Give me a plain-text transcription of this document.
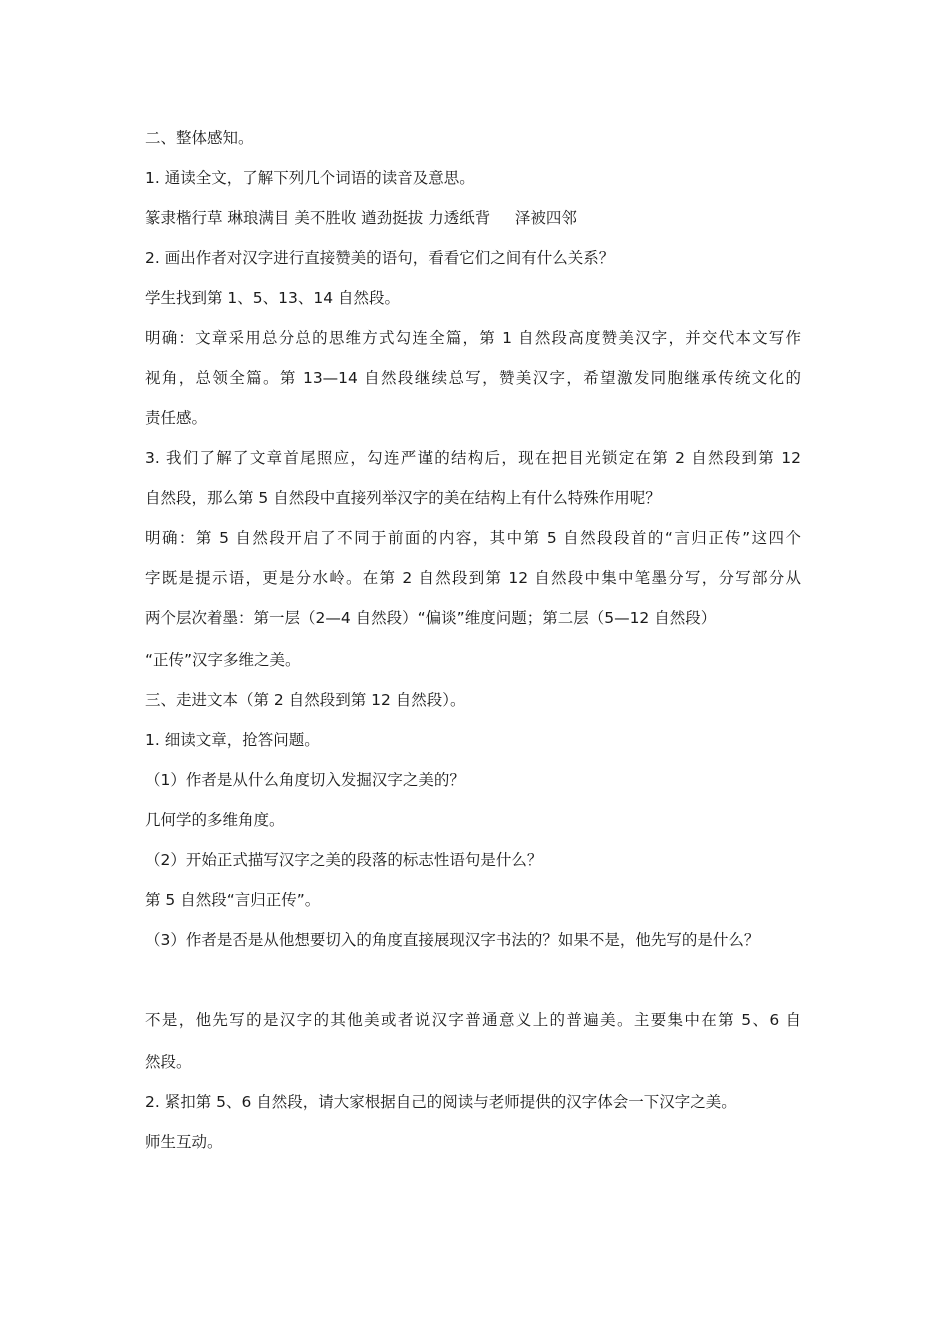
二、整体感知。

1. 通读全文，了解下列几个词语的读音及意思。

篆隶楷行草 琳琅满目 美不胜收 遒劲挺拔 力透纸背     泽被四邻

2. 画出作者对汉字进行直接赞美的语句，看看它们之间有什么关系？

学生找到第 1、5、13、14 自然段。

明确：文章采用总分总的思维方式勾连全篇，第 1 自然段高度赞美汉字，并交代本文写作

视角，总领全篇。第 13—14 自然段继续总写，赞美汉字，希望激发同胞继承传统文化的

责任感。

3. 我们了解了文章首尾照应，勾连严谨的结构后，现在把目光锁定在第 2 自然段到第 12

自然段，那么第 5 自然段中直接列举汉字的美在结构上有什么特殊作用呢？

明确：第 5 自然段开启了不同于前面的内容，其中第 5 自然段段首的“言归正传”这四个

字既是提示语，更是分水岭。在第 2 自然段到第 12 自然段中集中笔墨分写，分写部分从

两个层次着墨：第一层（2—4 自然段）“偏谈”维度问题；第二层（5—12 自然段）

“正传”汉字多维之美。

三、走进文本（第 2 自然段到第 12 自然段）。

1. 细读文章，抢答问题。

（1）作者是从什么角度切入发掘汉字之美的？

几何学的多维角度。

（2）开始正式描写汉字之美的段落的标志性语句是什么？

第 5 自然段“言归正传”。

（3）作者是否是从他想要切入的角度直接展现汉字书法的？如果不是，他先写的是什么？

不是，他先写的是汉字的其他美或者说汉字普通意义上的普遍美。主要集中在第 5、6 自

然段。

2. 紧扣第 5、6 自然段，请大家根据自己的阅读与老师提供的汉字体会一下汉字之美。

师生互动。
